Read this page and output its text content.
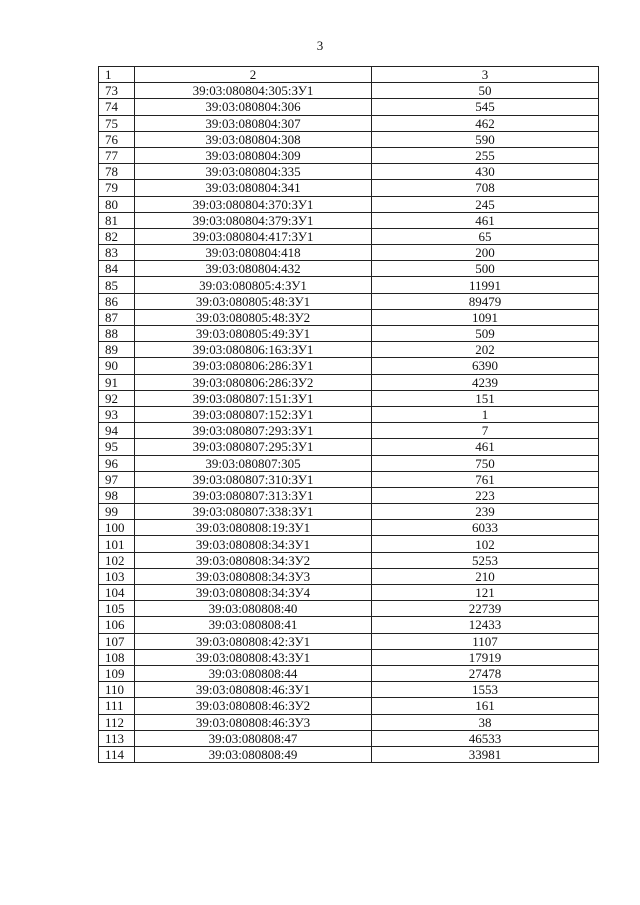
3
1	2	3
73	39:03:080804:305:ЗУ1	50
74	39:03:080804:306	545
75	39:03:080804:307	462
76	39:03:080804:308	590
77	39:03:080804:309	255
78	39:03:080804:335	430
79	39:03:080804:341	708
80	39:03:080804:370:ЗУ1	245
81	39:03:080804:379:ЗУ1	461
82	39:03:080804:417:ЗУ1	65
83	39:03:080804:418	200
84	39:03:080804:432	500
85	39:03:080805:4:ЗУ1	11991
86	39:03:080805:48:ЗУ1	89479
87	39:03:080805:48:ЗУ2	1091
88	39:03:080805:49:ЗУ1	509
89	39:03:080806:163:ЗУ1	202
90	39:03:080806:286:ЗУ1	6390
91	39:03:080806:286:ЗУ2	4239
92	39:03:080807:151:ЗУ1	151
93	39:03:080807:152:ЗУ1	1
94	39:03:080807:293:ЗУ1	7
95	39:03:080807:295:ЗУ1	461
96	39:03:080807:305	750
97	39:03:080807:310:ЗУ1	761
98	39:03:080807:313:ЗУ1	223
99	39:03:080807:338:ЗУ1	239
100	39:03:080808:19:ЗУ1	6033
101	39:03:080808:34:ЗУ1	102
102	39:03:080808:34:ЗУ2	5253
103	39:03:080808:34:ЗУ3	210
104	39:03:080808:34:ЗУ4	121
105	39:03:080808:40	22739
106	39:03:080808:41	12433
107	39:03:080808:42:ЗУ1	1107
108	39:03:080808:43:ЗУ1	17919
109	39:03:080808:44	27478
110	39:03:080808:46:ЗУ1	1553
111	39:03:080808:46:ЗУ2	161
112	39:03:080808:46:ЗУ3	38
113	39:03:080808:47	46533
114	39:03:080808:49	33981
